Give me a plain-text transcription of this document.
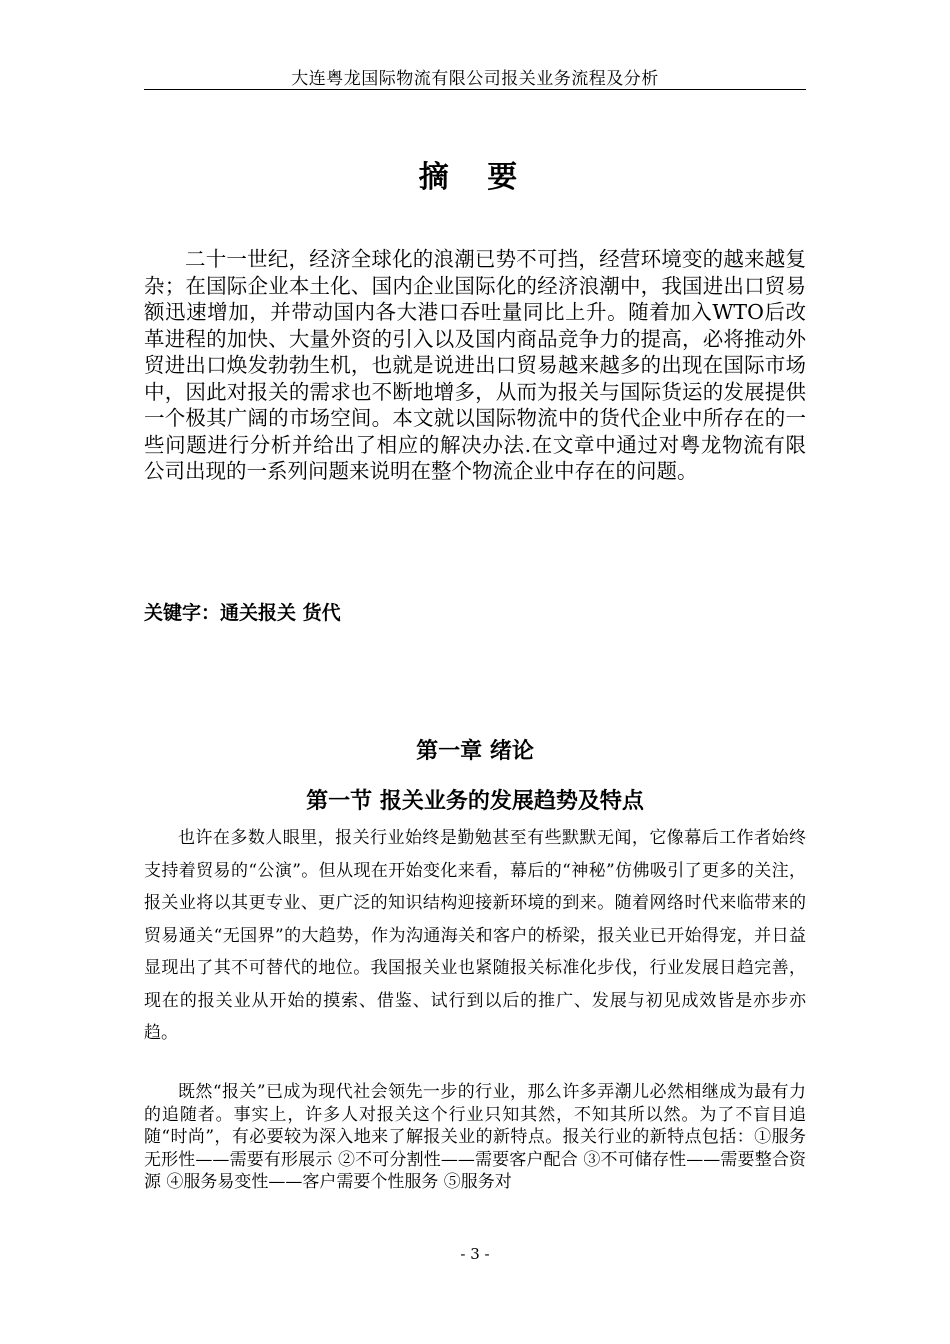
大连粤龙国际物流有限公司报关业务流程及分析
摘 要

二十一世纪，经济全球化的浪潮已势不可挡，经营环境变的越来越复杂；在国际企业本土化、国内企业国际化的经济浪潮中，我国进出口贸易额迅速增加，并带动国内各大港口吞吐量同比上升。随着加入WTO后改革进程的加快、大量外资的引入以及国内商品竞争力的提高，必将推动外贸进出口焕发勃勃生机，也就是说进出口贸易越来越多的出现在国际市场中，因此对报关的需求也不断地增多，从而为报关与国际货运的发展提供一个极其广阔的市场空间。本文就以国际物流中的货代企业中所存在的一些问题进行分析并给出了相应的解决办法.在文章中通过对粤龙物流有限公司出现的一系列问题来说明在整个物流企业中存在的问题。

关键字：通关报关 货代
第一章 绪论
第一节 报关业务的发展趋势及特点

也许在多数人眼里，报关行业始终是勤勉甚至有些默默无闻，它像幕后工作者始终支持着贸易的“公演”。但从现在开始变化来看，幕后的“神秘”仿佛吸引了更多的关注，报关业将以其更专业、更广泛的知识结构迎接新环境的到来。随着网络时代来临带来的贸易通关“无国界”的大趋势，作为沟通海关和客户的桥梁，报关业已开始得宠，并日益显现出了其不可替代的地位。我国报关业也紧随报关标准化步伐，行业发展日趋完善，现在的报关业从开始的摸索、借鉴、试行到以后的推广、发展与初见成效皆是亦步亦趋。

既然“报关”已成为现代社会领先一步的行业，那么许多弄潮儿必然相继成为最有力的追随者。事实上，许多人对报关这个行业只知其然，不知其所以然。为了不盲目追随“时尚”，有必要较为深入地来了解报关业的新特点。报关行业的新特点包括：①服务无形性——需要有形展示 ②不可分割性——需要客户配合 ③不可储存性——需要整合资源 ④服务易变性——客户需要个性服务 ⑤服务对

- 3 -
